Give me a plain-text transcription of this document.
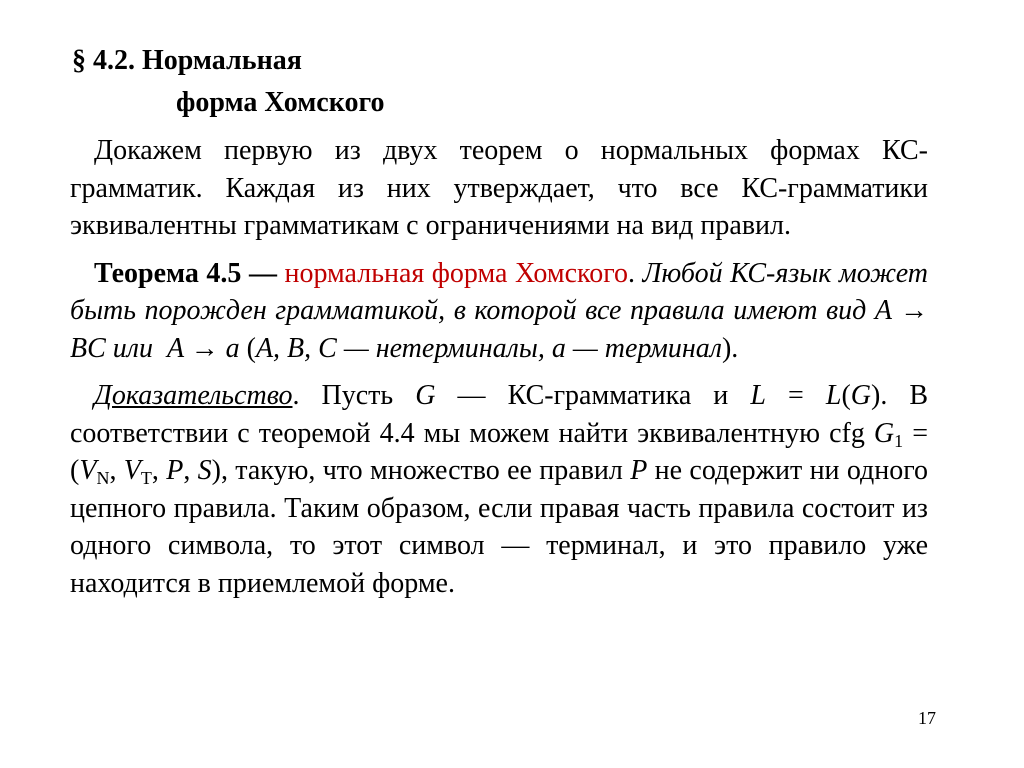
§ 4.2. Нормальная
форма Хомского

Докажем первую из двух теорем о нормальных формах КС-грамматик. Каждая из них утверждает, что все КС-грамматики эквивалентны грамматикам с ограничениями на вид правил.

Теорема 4.5 — нормальная форма Хомского. Любой КС-язык может быть порожден грамматикой, в которой все правила имеют вид A → BC или A → a (A, B, C — нетерминалы, a — терминал).

Доказательство. Пусть G — КС-грамматика и L = L(G). В соответствии с теоремой 4.4 мы можем найти эквивалентную cfg $G_1 = (V_N$, $V_T$, P, S), такую, что множество ее правил P не содержит ни одного цепного правила. Таким образом, если правая часть правила состоит из одного символа, то этот символ — терминал, и это правило уже находится в приемлемой форме.

17
